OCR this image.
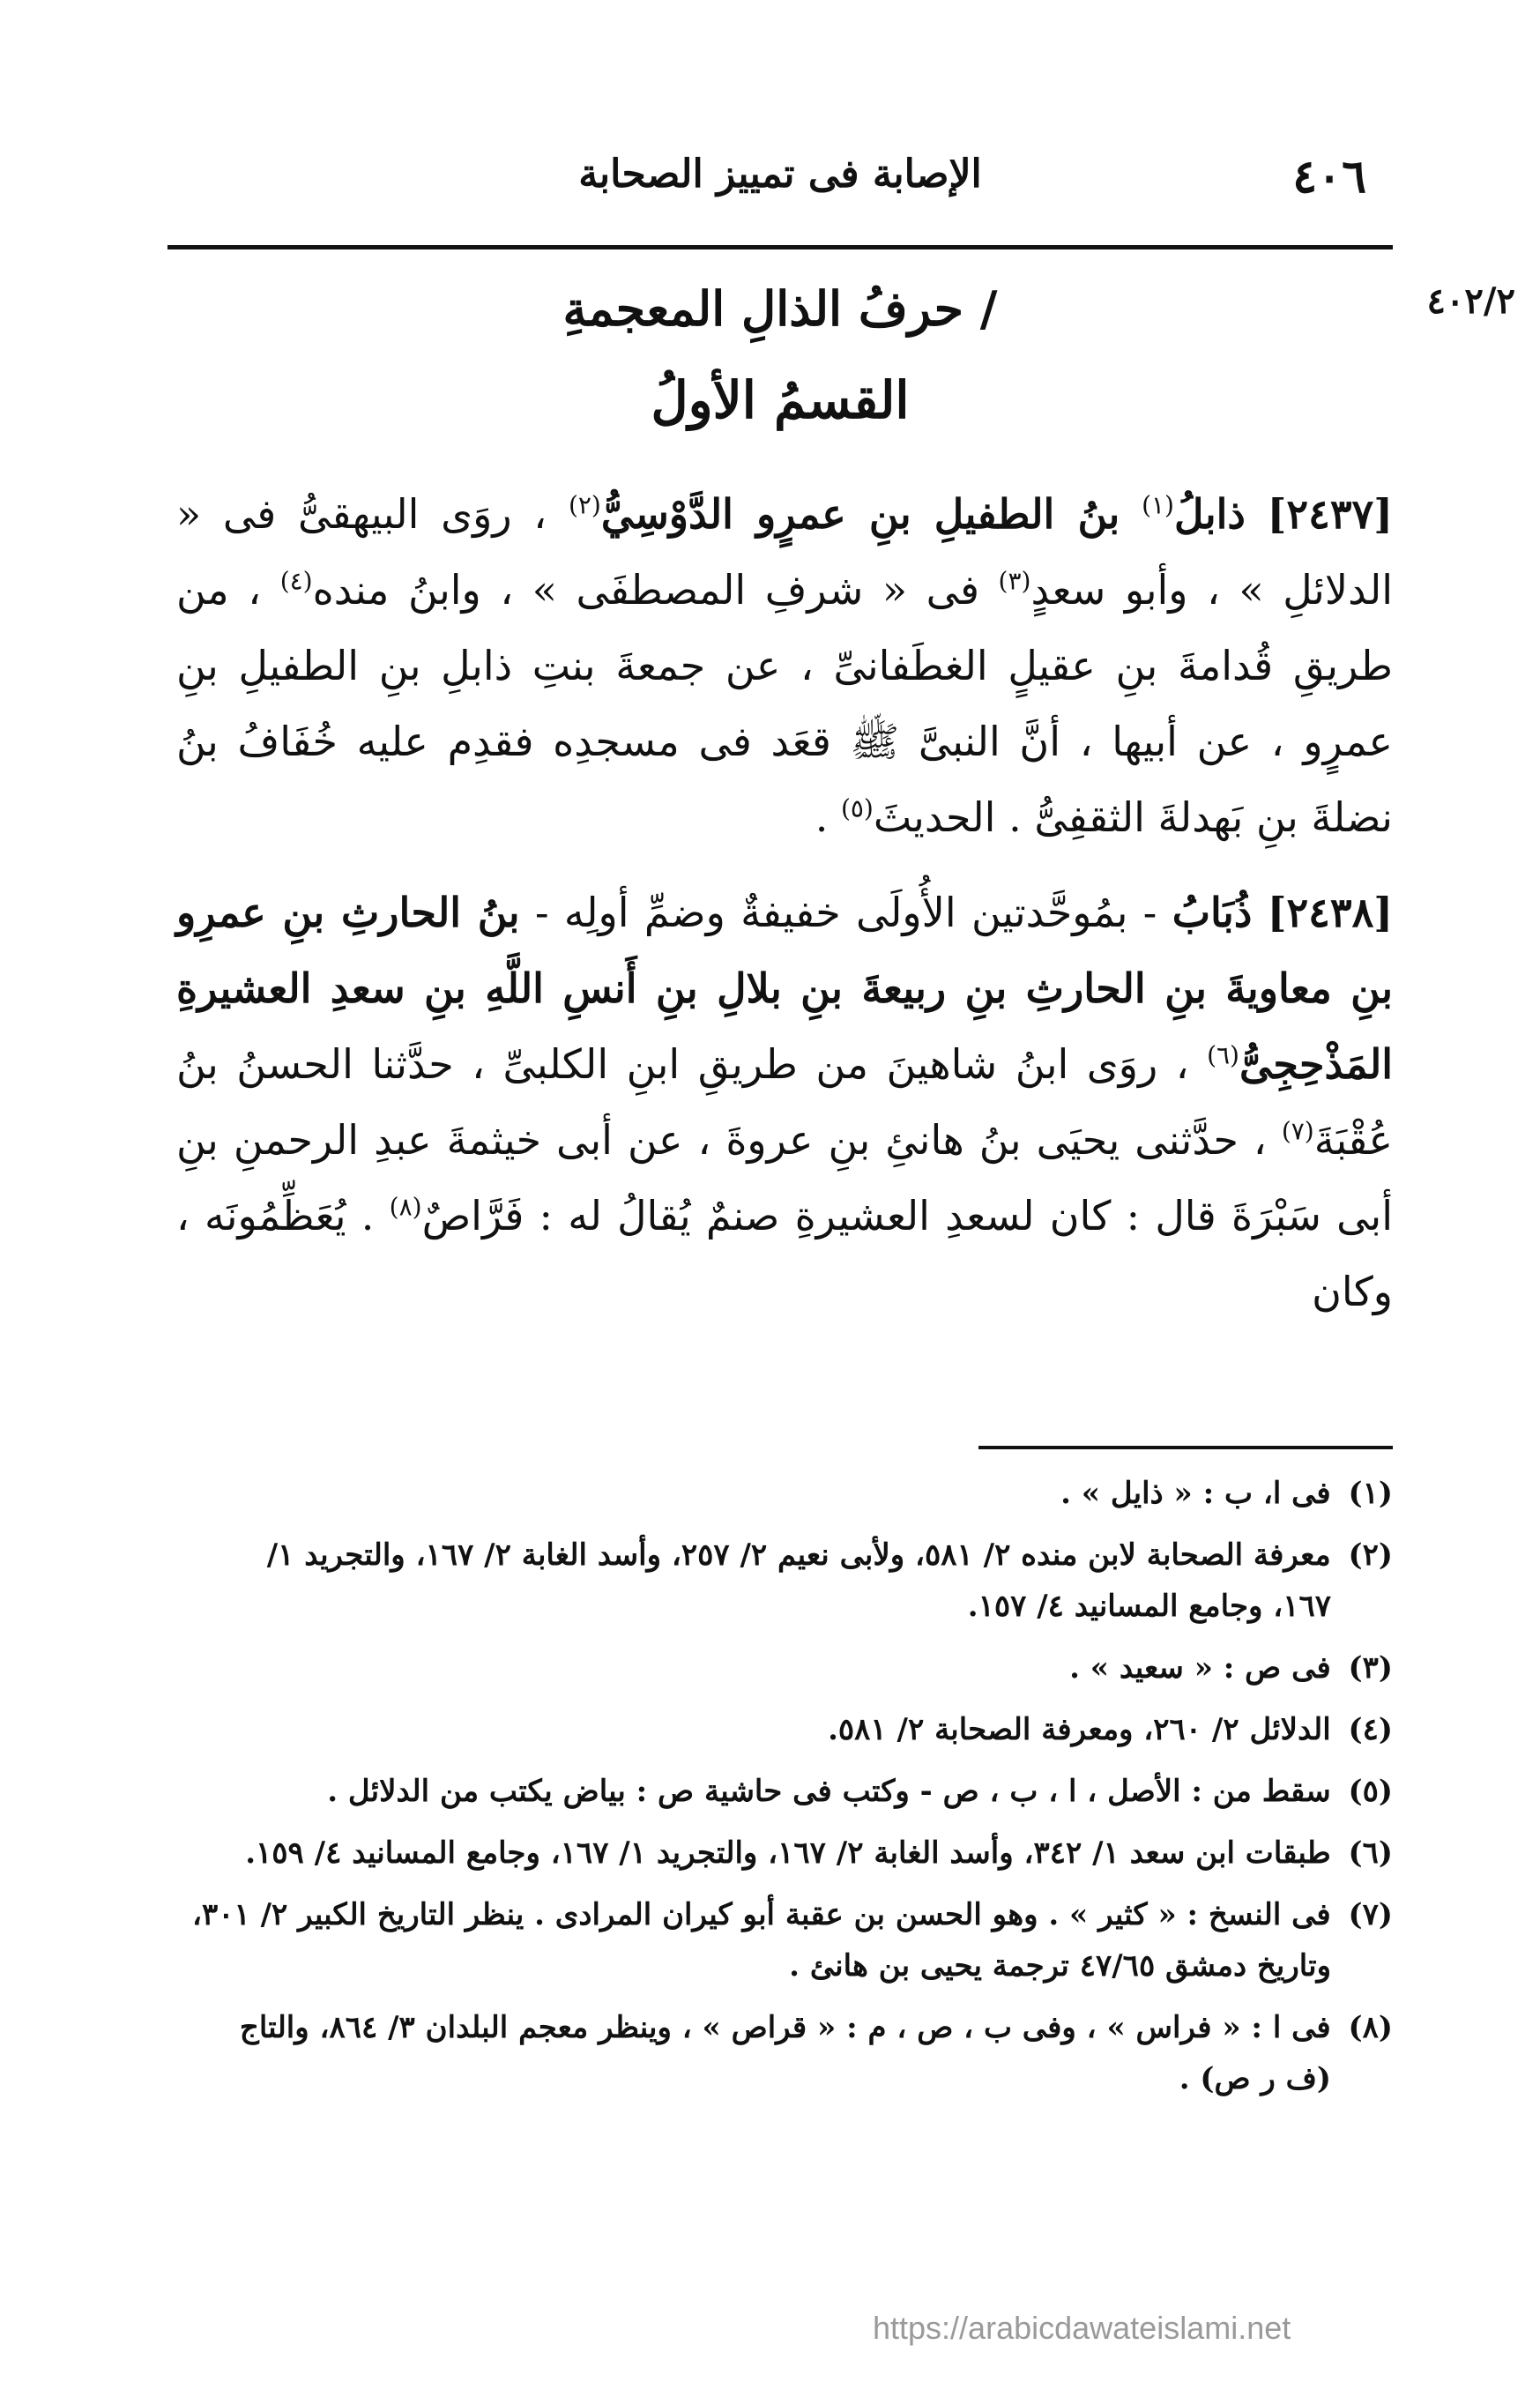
٤٠٦
الإصابة فى تمييز الصحابة
٤٠٢/٢
/ حرفُ الذالِ المعجمةِ
القسمُ الأولُ

[٢٤٣٧] ذابلُ$^{(١)}$ بنُ الطفيلِ بنِ عمرٍو الدَّوْسِيُّ$^{(٢)}$ ، روَى البيهقىُّ فى « الدلائلِ » ، وأبو سعدٍ$^{(٣)}$ فى « شرفِ المصطفَى » ، وابنُ منده$^{(٤)}$ ، من طريقِ قُدامةَ بنِ عقيلٍ الغطَفانىِّ ، عن جمعةَ بنتِ ذابلِ بنِ الطفيلِ بنِ عمرٍو ، عن أبيها ، أنَّ النبىَّ ﷺ قعَد فى مسجدِه فقدِم عليه خُفَافُ بنُ نضلةَ بنِ بَهدلةَ الثقفِىُّ . الحديثَ$^{(٥)}$ .

[٢٤٣٨] ذُبَابُ - بمُوحَّدتين الأُولَى خفيفةٌ وضمِّ أولِه - بنُ الحارثِ بنِ عمرِو بنِ معاويةَ بنِ الحارثِ بنِ ربيعةَ بنِ بلالِ بنِ أَنسِ اللَّهِ بنِ سعدِ العشيرةِ المَذْحِجِىُّ$^{(٦)}$ ، روَى ابنُ شاهينَ من طريقِ ابنِ الكلبىِّ ، حدَّثنا الحسنُ بنُ عُقْبَةَ$^{(٧)}$ ، حدَّثنى يحيَى بنُ هانئِ بنِ عروةَ ، عن أبى خيثمةَ عبدِ الرحمنِ بنِ أبى سَبْرَةَ قال : كان لسعدِ العشيرةِ صنمٌ يُقالُ له : فَرَّاصٌ$^{(٨)}$ . يُعَظِّمُونَه ، وكان

(١) فى ا، ب : « ذايل » .
(٢) معرفة الصحابة لابن منده ٢/ ٥٨١، ولأبى نعيم ٢/ ٢٥٧، وأسد الغابة ٢/ ١٦٧، والتجريد ١/
١٦٧، وجامع المسانيد ٤/ ١٥٧.
(٣) فى ص : « سعيد » .
(٤) الدلائل ٢/ ٢٦٠، ومعرفة الصحابة ٢/ ٥٨١.
(٥) سقط من : الأصل ، ا ، ب ، ص - وكتب فى حاشية ص : بياض يكتب من الدلائل .
(٦) طبقات ابن سعد ١/ ٣٤٢، وأسد الغابة ٢/ ١٦٧، والتجريد ١/ ١٦٧، وجامع المسانيد ٤/ ١٥٩.
(٧) فى النسخ : « كثير » . وهو الحسن بن عقبة أبو كيران المرادى . ينظر التاريخ الكبير ٢/ ٣٠١،
وتاريخ دمشق ٤٧/٦٥ ترجمة يحيى بن هانئ .
(٨) فى ا : « فراس » ، وفى ب ، ص ، م : « قراص » ، وينظر معجم البلدان ٣/ ٨٦٤، والتاج
(ف ر ص) .
https://arabicdawateislami.net
